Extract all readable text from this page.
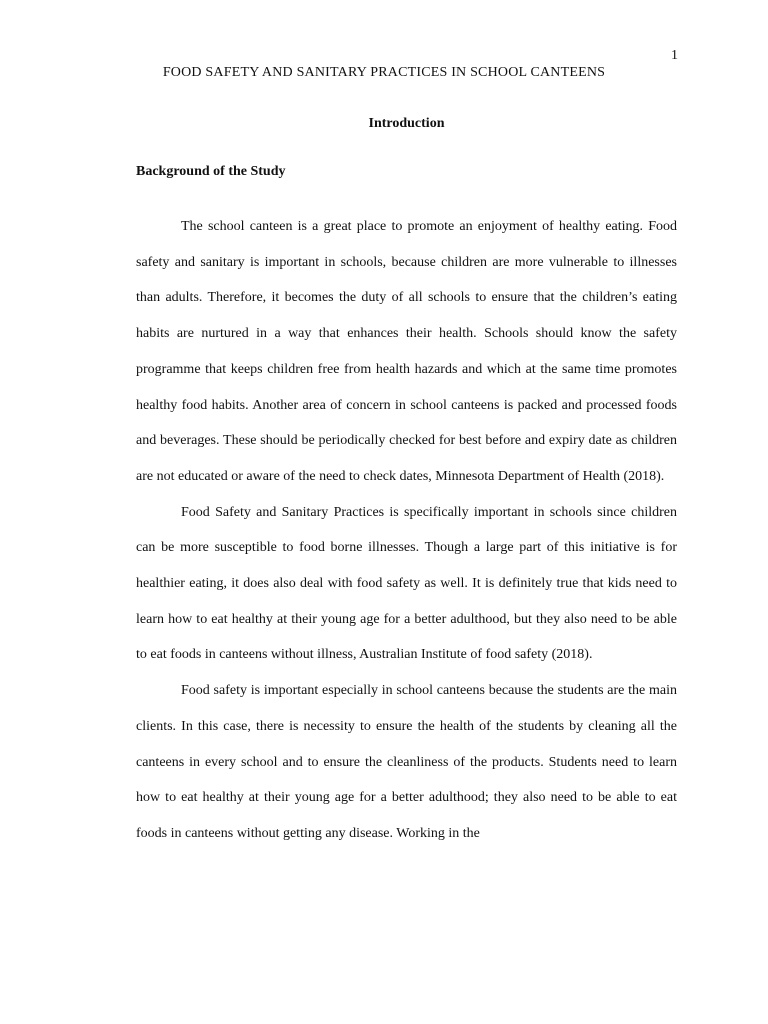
1
FOOD SAFETY AND SANITARY PRACTICES IN SCHOOL CANTEENS
Introduction
Background of the Study

The school canteen is a great place to promote an enjoyment of healthy eating. Food safety and sanitary is important in schools, because children are more vulnerable to illnesses than adults. Therefore, it becomes the duty of all schools to ensure that the children’s eating habits are nurtured in a way that enhances their health. Schools should know the safety programme that keeps children free from health hazards and which at the same time promotes healthy food habits. Another area of concern in school canteens is packed and processed foods and beverages. These should be periodically checked for best before and expiry date as children are not educated or aware of the need to check dates, Minnesota Department of Health (2018).

Food Safety and Sanitary Practices is specifically important in schools since children can be more susceptible to food borne illnesses. Though a large part of this initiative is for healthier eating, it does also deal with food safety as well. It is definitely true that kids need to learn how to eat healthy at their young age for a better adulthood, but they also need to be able to eat foods in canteens without illness, Australian Institute of food safety (2018).

Food safety is important especially in school canteens because the students are the main clients. In this case, there is necessity to ensure the health of the students by cleaning all the canteens in every school and to ensure the cleanliness of the products. Students need to learn how to eat healthy at their young age for a better adulthood; they also need to be able to eat foods in canteens without getting any disease. Working in the
